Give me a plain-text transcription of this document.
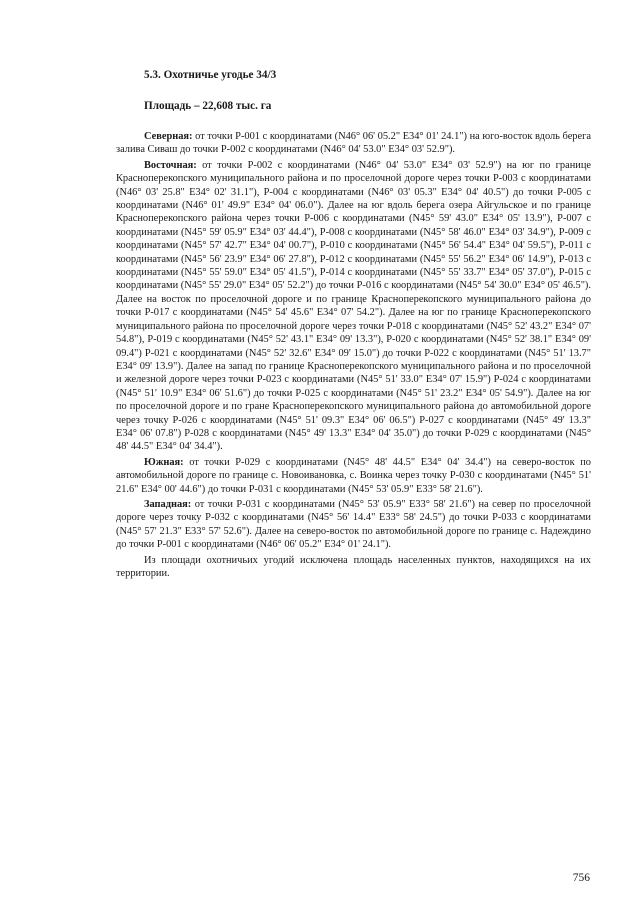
5.3. Охотничье угодье 34/3
Площадь – 22,608 тыс. га

Северная: от точки Р-001 с координатами (N46° 06' 05.2" E34° 01' 24.1") на юго-восток вдоль берега залива Сиваш до точки Р-002 с координатами (N46° 04' 53.0" E34° 03' 52.9").

Восточная: от точки Р-002 с координатами (N46° 04' 53.0" E34° 03' 52.9") на юг по границе Красноперекопского муниципального района и по проселочной дороге через точки Р-003 с координатами (N46° 03' 25.8" E34° 02' 31.1"), Р-004 с координатами (N46° 03' 05.3" E34° 04' 40.5") до точки Р-005 с координатами (N46° 01' 49.9" E34° 04' 06.0"). Далее на юг вдоль берега озера Айгульское и по границе Красноперекопского района через точки Р-006 с координатами (N45° 59' 43.0" E34° 05' 13.9"), Р-007 с координатами (N45° 59' 05.9" E34° 03' 44.4"), Р-008 с координатами (N45° 58' 46.0" E34° 03' 34.9"), Р-009 с координатами (N45° 57' 42.7" E34° 04' 00.7"), Р-010 с координатами (N45° 56' 54.4" E34° 04' 59.5"), Р-011 с координатами (N45° 56' 23.9" E34° 06' 27.8"), Р-012 с координатами (N45° 55' 56.2" E34° 06' 14.9"), Р-013 с координатами (N45° 55' 59.0" E34° 05' 41.5"), Р-014 с координатами (N45° 55' 33.7" E34° 05' 37.0"), Р-015 с координатами (N45° 55' 29.0" E34° 05' 52.2") до точки Р-016 с координатами (N45° 54' 30.0" E34° 05' 46.5"). Далее на восток по проселочной дороге и по границе Красноперекопского муниципального района до точки Р-017 с координатами (N45° 54' 45.6" E34° 07' 54.2"). Далее на юг по границе Красноперекопского муниципального района по проселочной дороге через точки Р-018 с координатами (N45° 52' 43.2" E34° 07' 54.8"), Р-019 с координатами (N45° 52' 43.1" E34° 09' 13.3"), Р-020 с координатами (N45° 52' 38.1" E34° 09' 09.4") Р-021 с координатами (N45° 52' 32.6" E34° 09' 15.0") до точки Р-022 с координатами (N45° 51' 13.7" E34° 09' 13.9"). Далее на запад по границе Красноперекопского муниципального района и по проселочной и железной дороге через точки Р-023 с координатами (N45° 51' 33.0" E34° 07' 15.9") Р-024 с координатами (N45° 51' 10.9" E34° 06' 51.6") до точки Р-025 с координатами (N45° 51' 23.2" E34° 05' 54.9"). Далее на юг по проселочной дороге и по гране Красноперекопского муниципального района до автомобильной дороге через точку Р-026 с координатами (N45° 51' 09.3" E34° 06' 06.5") Р-027 с координатами (N45° 49' 13.3" E34° 06' 07.8") Р-028 с координатами (N45° 49' 13.3" E34° 04' 35.0") до точки Р-029 с координатами (N45° 48' 44.5" E34° 04' 34.4").

Южная: от точки Р-029 с координатами (N45° 48' 44.5" E34° 04' 34.4") на северо-восток по автомобильной дороге по границе с. Новоивановка, с. Воинка через точку Р-030 с координатами (N45° 51' 21.6" E34° 00' 44.6") до точки Р-031 с координатами (N45° 53' 05.9" E33° 58' 21.6").

Западная: от точки Р-031 с координатами (N45° 53' 05.9" E33° 58' 21.6") на север по проселочной дороге через точку Р-032 с координатами (N45° 56' 14.4" E33° 58' 24.5") до точки Р-033 с координатами (N45° 57' 21.3" E33° 57' 52.6"). Далее на северо-восток по автомобильной дороге по границе с. Надеждино до точки Р-001 с координатами (N46° 06' 05.2" E34° 01' 24.1").

Из площади охотничьих угодий исключена площадь населенных пунктов, находящихся на их территории.

756
